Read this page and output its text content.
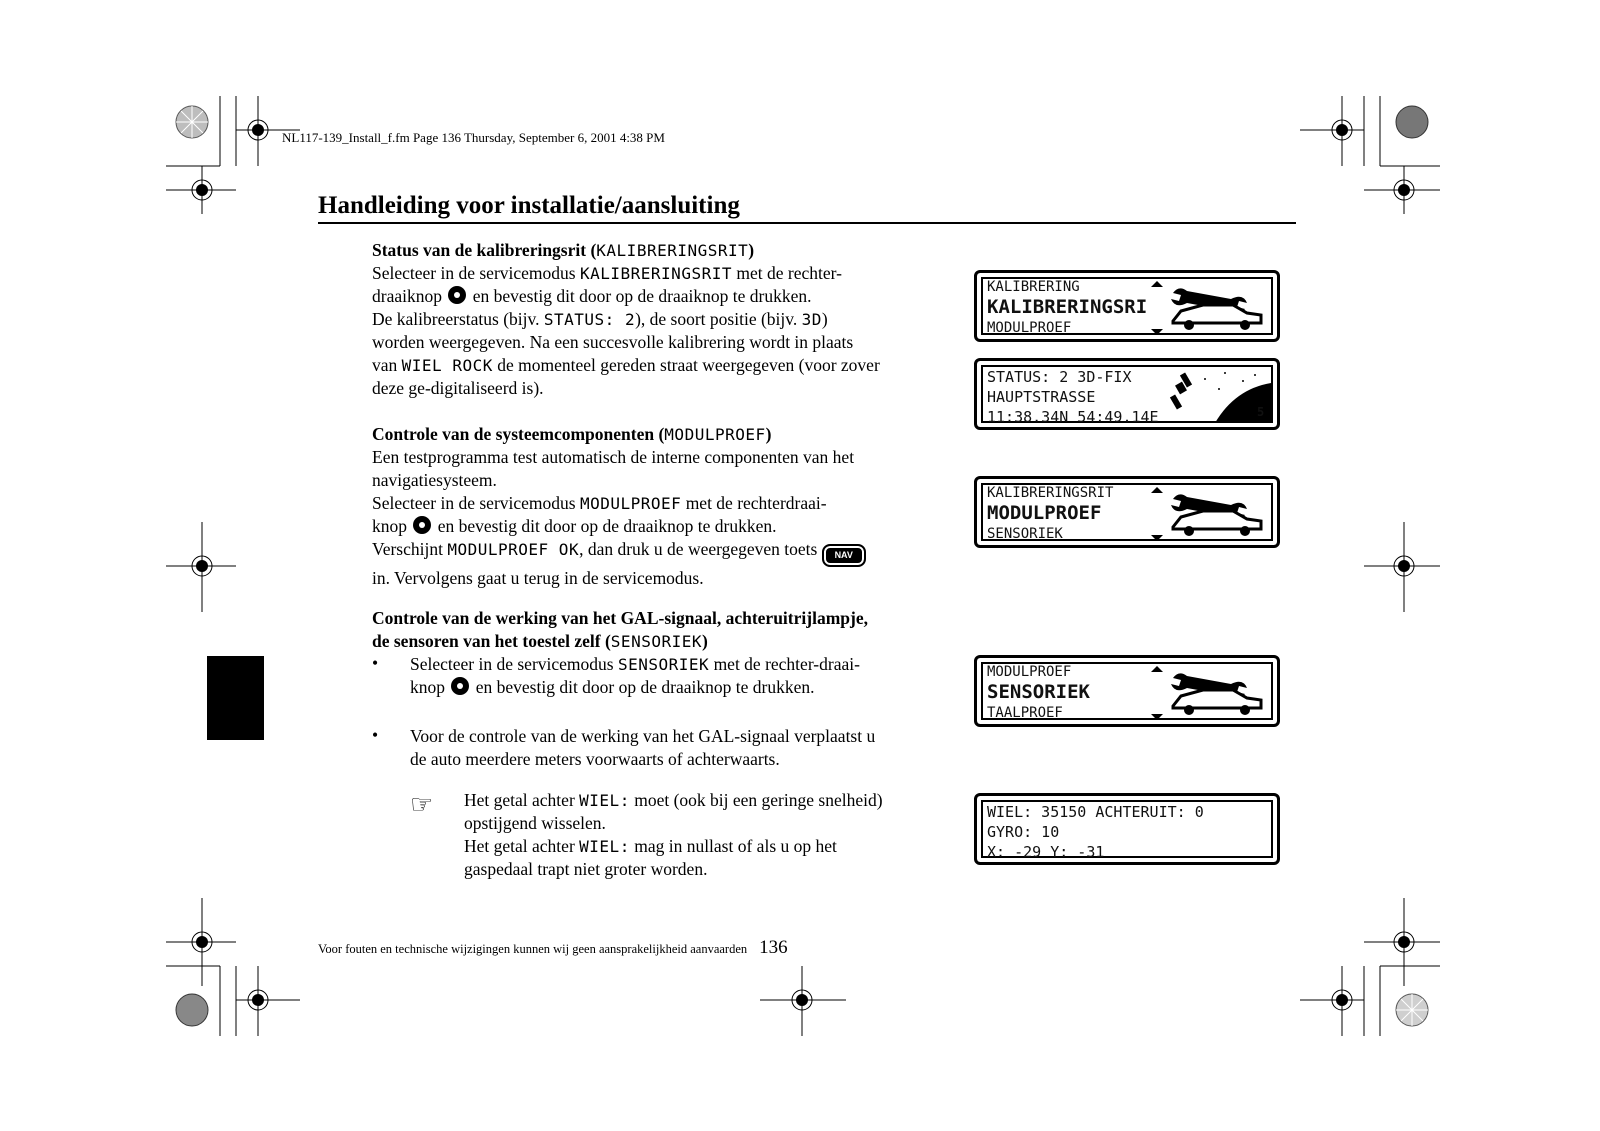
NL117-139_Install_f.fm Page 136 Thursday, September 6, 2001 4:38 PM
Handleiding voor installatie/aansluiting

Status van de kalibreringsrit (KALIBRERINGSRIT)

Selecteer in de servicemodus KALIBRERINGSRIT met de rechter-

draaiknop  en bevestig dit door op de draaiknop te drukken.

De kalibreerstatus (bijv. STATUS: 2), de soort positie (bijv. 3D)

worden weergegeven. Na een succesvolle kalibrering wordt in plaats

van WIEL ROCK de momenteel gereden straat weergegeven (voor zover

deze ge-digitaliseerd is).

Controle van de systeemcomponenten (MODULPROEF)

Een testprogramma test automatisch de interne componenten van het

navigatiesysteem.

Selecteer in de servicemodus MODULPROEF met de rechterdraai-

knop  en bevestig dit door op de draaiknop te drukken.

Verschijnt MODULPROEF OK, dan druk u de weergegeven toets NAV

in. Vervolgens gaat u terug in de servicemodus.

Controle van de werking van het GAL-signaal, achteruitrijlampje,

de sensoren van het toestel zelf (SENSORIEK)

• Selecteer in de servicemodus SENSORIEK met de rechter-draai-

knop  en bevestig dit door op de draaiknop te drukken.

• Voor de controle van de werking van het GAL-signaal verplaatst u

de auto meerdere meters voorwaarts of achterwaarts.

☞ Het getal achter WIEL: moet (ook bij een geringe snelheid)

opstijgend wisselen.

Het getal achter WIEL: mag in nullast of als u op het

gaspedaal trapt niet groter worden.

KALIBRERING
KALIBRERINGSRI
MODULPROEF
STATUS: 2 3D-FIX
HAUPTSTRASSE
11:38.34N 54:49.14E	5
KALIBRERINGSRIT
MODULPROEF
SENSORIEK
MODULPROEF
SENSORIEK
TAALPROEF
WIEL: 35150 ACHTERUIT: 0
GYRO: 10
X: -29 Y: -31
Voor fouten en technische wijzigingen kunnen wij geen aansprakelijkheid aanvaarden 136
